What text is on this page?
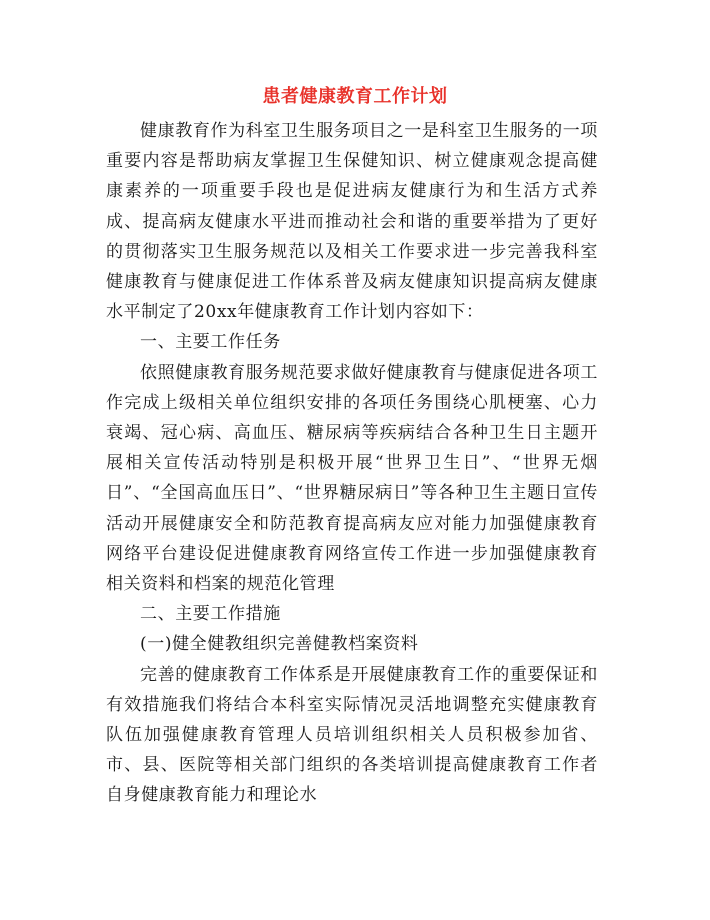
患者健康教育工作计划

健康教育作为科室卫生服务项目之一是科室卫生服务的一项重要内容是帮助病友掌握卫生保健知识、树立健康观念提高健康素养的一项重要手段也是促进病友健康行为和生活方式养成、提高病友健康水平进而推动社会和谐的重要举措为了更好的贯彻落实卫生服务规范以及相关工作要求进一步完善我科室健康教育与健康促进工作体系普及病友健康知识提高病友健康水平制定了20xx年健康教育工作计划内容如下：

一、主要工作任务

依照健康教育服务规范要求做好健康教育与健康促进各项工作完成上级相关单位组织安排的各项任务围绕心肌梗塞、心力衰竭、冠心病、高血压、糖尿病等疾病结合各种卫生日主题开展相关宣传活动特别是积极开展“世界卫生日”、“世界无烟日”、“全国高血压日”、“世界糖尿病日”等各种卫生主题日宣传活动开展健康安全和防范教育提高病友应对能力加强健康教育网络平台建设促进健康教育网络宣传工作进一步加强健康教育相关资料和档案的规范化管理

二、主要工作措施

(一)健全健教组织完善健教档案资料

完善的健康教育工作体系是开展健康教育工作的重要保证和有效措施我们将结合本科室实际情况灵活地调整充实健康教育队伍加强健康教育管理人员培训组织相关人员积极参加省、市、县、医院等相关部门组织的各类培训提高健康教育工作者自身健康教育能力和理论水
